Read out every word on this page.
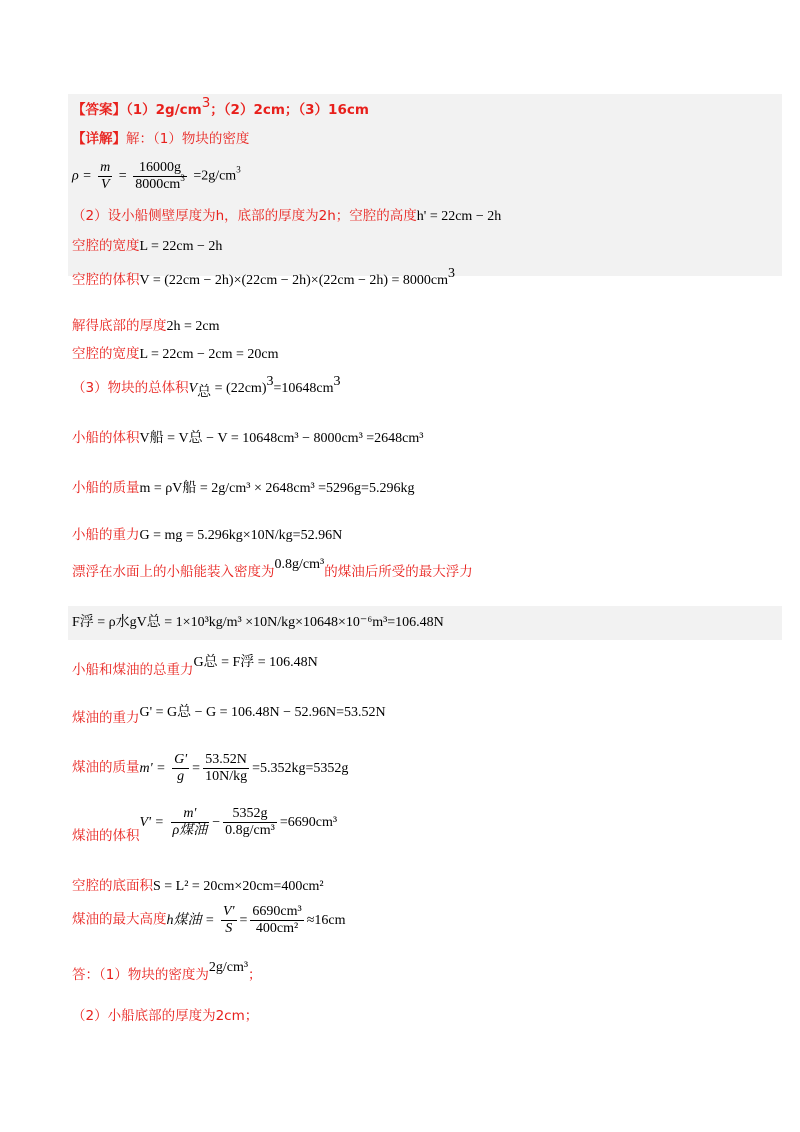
【答案】$(1)2g/cm^3$；（2）2cm；（3）16cm
【详解】解：（1）物块的密度
$\rho = \frac{m}{V} = \frac{16000g}{8000cm^3} =2g/cm^3$
（2）设小船侧壁厚度为h，底部的厚度为2h；空腔的高度h' = 22cm − 2h
空腔的宽度L = 22cm − 2h
空腔的体积$V = (22cm - 2h)\times(22cm - 2h)\times(22cm - 2h) = 8000cm^3$
解得底部的厚度2h = 2cm
空腔的宽度L = 22cm − 2cm = 20cm
（3）物块的总体积$V_总 = (22cm)^3=10648cm^3$
小船的体积V船 = V总 − V = 10648cm³ − 8000cm³ =2648cm³
小船的质量m = ρV船 = 2g/cm³ × 2648cm³ =5296g=5.296kg
小船的重力G = mg = 5.296kg×10N/kg=52.96N
漂浮在水面上的小船能装入密度为0.8g/cm³的煤油后所受的最大浮力
F浮 = ρ水gV总 = 1×10³kg/m³ ×10N/kg×10648×10⁻⁶m³=106.48N
小船和煤油的总重力G总 = F浮 = 106.48N
煤油的重力G' = G总 − G = 106.48N − 52.96N=53.52N
煤油的质量$m' = \frac{G'}{g} = \frac{53.52N}{10N/kg} =5.352kg=5352g$
煤油的体积$V' = \frac{m'}{\text{ρ煤油}} - \frac{5352g}{\text{0.8g/cm³}} =6690cm^3$
空腔的底面积S = L² = 20cm×20cm=400cm²
煤油的最大高度h煤油 = $\frac{V'}{S} = \frac{\text{6690cm³}}{\text{400cm²}} \approx 16cm$
答：（1）物块的密度为2g/cm³；
（2）小船底部的厚度为2cm；
